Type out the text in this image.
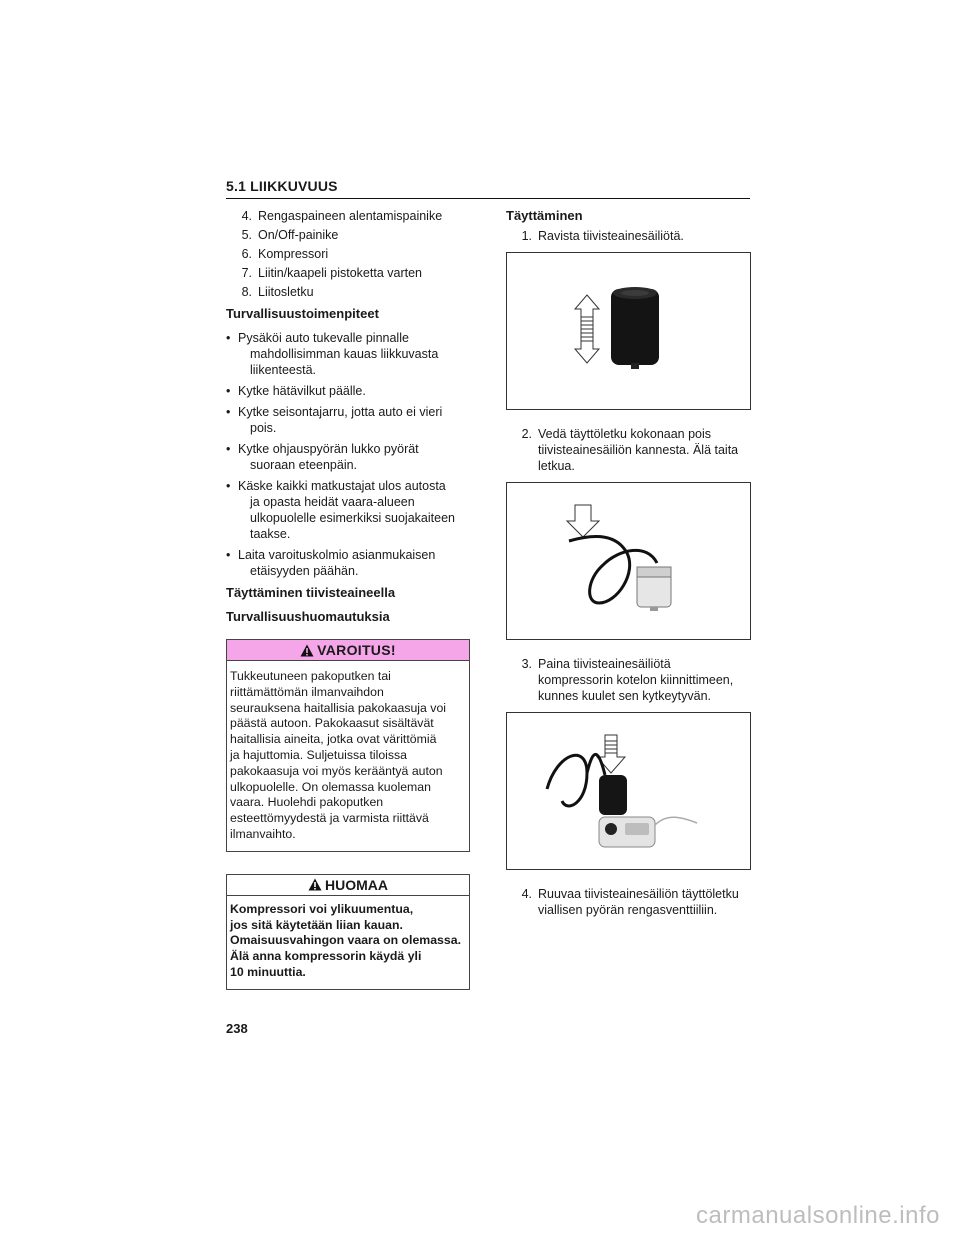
5.1 LIIKKUVUUS
4. Rengaspaineen alentamispainike
5. On/Off-painike
6. Kompressori
7. Liitin/kaapeli pistoketta varten
8. Liitosletku
Turvallisuustoimenpiteet
• Pysäköi auto tukevalle pinnalle
mahdollisimman kauas liikkuvasta
liikenteestä.
• Kytke hätävilkut päälle.
• Kytke seisontajarru, jotta auto ei vieri
pois.
• Kytke ohjauspyörän lukko pyörät
suoraan eteenpäin.
• Käske kaikki matkustajat ulos autosta
ja opasta heidät vaara-alueen
ulkopuolelle esimerkiksi suojakaiteen
taakse.
• Laita varoituskolmio asianmukaisen
etäisyyden päähän.
Täyttäminen tiivisteaineella
Turvallisuushuomautuksia
VAROITUS!
Tukkeutuneen pakoputken tai
riittämättömän ilmanvaihdon
seurauksena haitallisia pakokaasuja voi
päästä autoon. Pakokaasut sisältävät
haitallisia aineita, jotka ovat värittömiä
ja hajuttomia. Suljetuissa tiloissa
pakokaasuja voi myös kerääntyä auton
ulkopuolelle. On olemassa kuoleman
vaara. Huolehdi pakoputken
esteettömyydestä ja varmista riittävä
ilmanvaihto.
HUOMAA
Kompressori voi ylikuumentua,
jos sitä käytetään liian kauan.
Omaisuusvahingon vaara on olemassa.
Älä anna kompressorin käydä yli
10 minuuttia.
Täyttäminen
1. Ravista tiivisteainesäiliötä.
2. Vedä täyttöletku kokonaan pois
tiivisteainesäiliön kannesta. Älä taita
letkua.
3. Paina tiivisteainesäiliötä
kompressorin kotelon kiinnittimeen,
kunnes kuulet sen kytkeytyvän.
4. Ruuvaa tiivisteainesäiliön täyttöletku
viallisen pyörän rengasventtiiliin.
238
carmanualsonline.info
